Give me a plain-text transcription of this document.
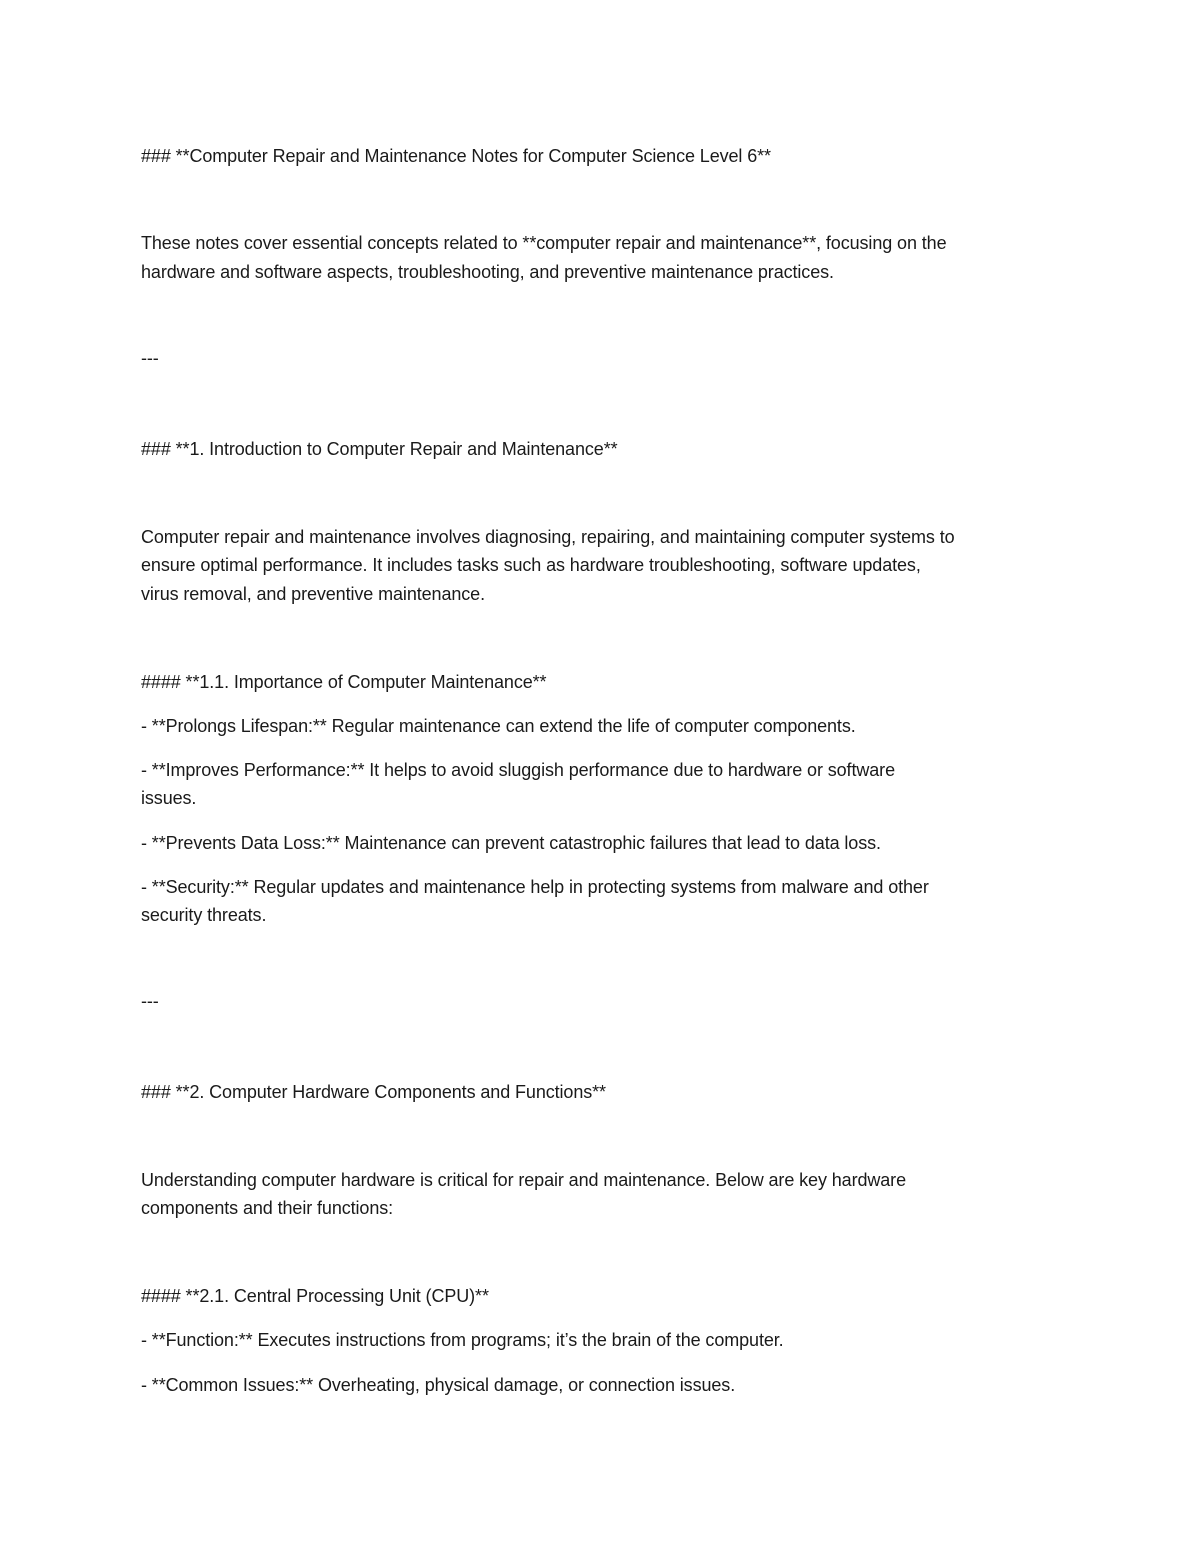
### **Computer Repair and Maintenance Notes for Computer Science Level 6**
These notes cover essential concepts related to **computer repair and maintenance**, focusing on the
hardware and software aspects, troubleshooting, and preventive maintenance practices.
---
### **1. Introduction to Computer Repair and Maintenance**
Computer repair and maintenance involves diagnosing, repairing, and maintaining computer systems to
ensure optimal performance. It includes tasks such as hardware troubleshooting, software updates,
virus removal, and preventive maintenance.
#### **1.1. Importance of Computer Maintenance**
- **Prolongs Lifespan:** Regular maintenance can extend the life of computer components.
- **Improves Performance:** It helps to avoid sluggish performance due to hardware or software
issues.
- **Prevents Data Loss:** Maintenance can prevent catastrophic failures that lead to data loss.
- **Security:** Regular updates and maintenance help in protecting systems from malware and other
security threats.
---
### **2. Computer Hardware Components and Functions**
Understanding computer hardware is critical for repair and maintenance. Below are key hardware
components and their functions:
#### **2.1. Central Processing Unit (CPU)**
- **Function:** Executes instructions from programs; it’s the brain of the computer.
- **Common Issues:** Overheating, physical damage, or connection issues.
